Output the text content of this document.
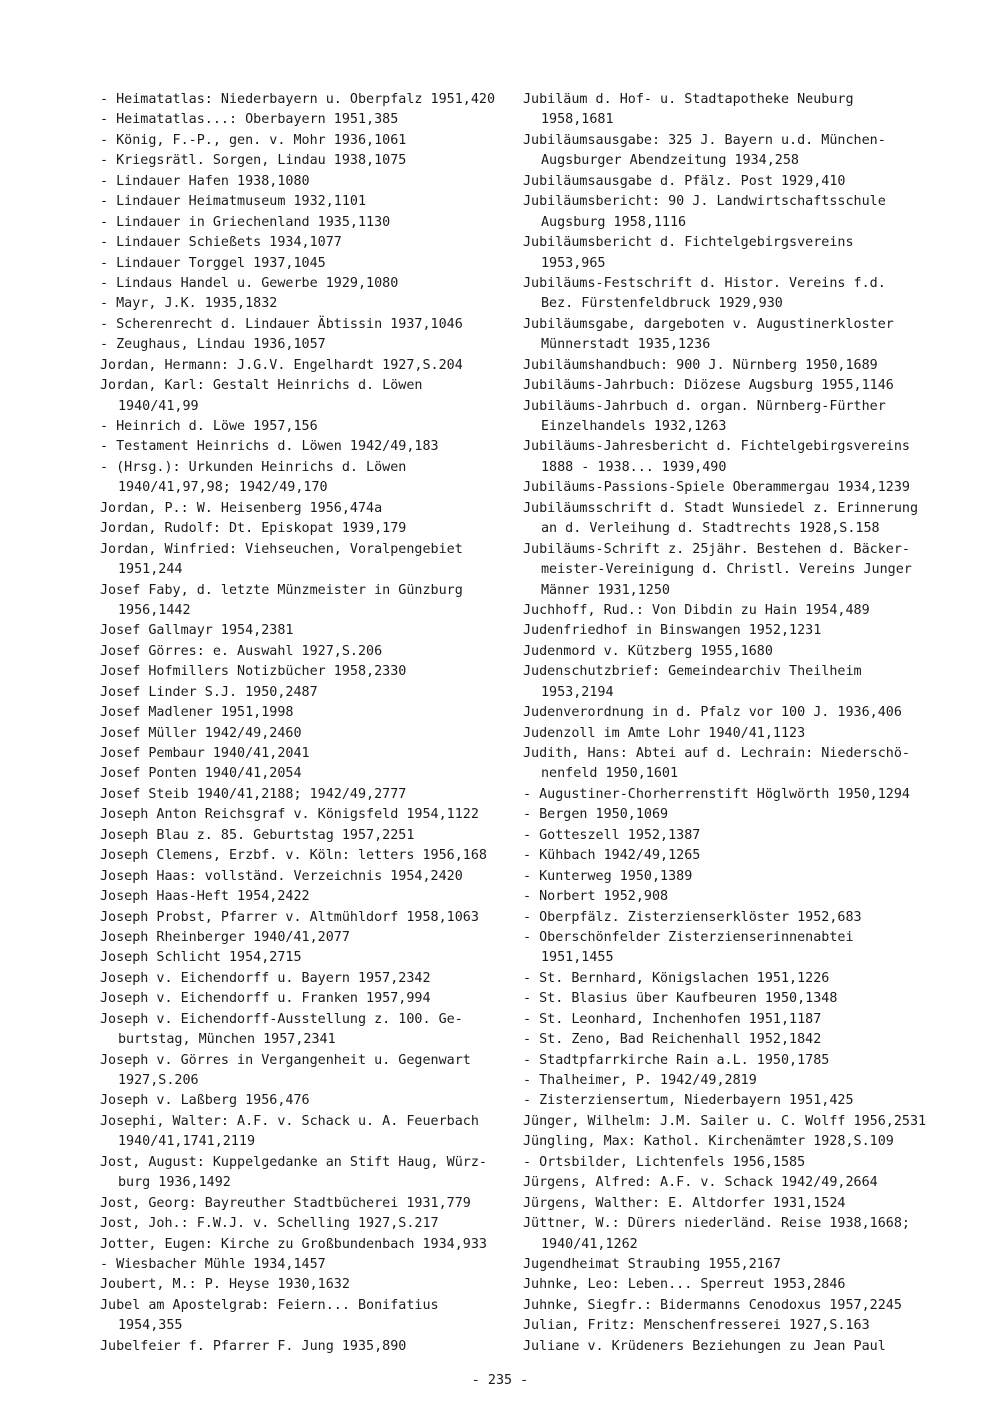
- Heimatatlas: Niederbayern u. Oberpfalz 1951,420
- Heimatatlas...: Oberbayern 1951,385
- König, F.-P., gen. v. Mohr 1936,1061
- Kriegsrätl. Sorgen, Lindau 1938,1075
- Lindauer Hafen 1938,1080
- Lindauer Heimatmuseum 1932,1101
- Lindauer in Griechenland 1935,1130
- Lindauer Schießets 1934,1077
- Lindauer Torggel 1937,1045
- Lindaus Handel u. Gewerbe 1929,1080
- Mayr, J.K. 1935,1832
- Scherenrecht d. Lindauer Äbtissin 1937,1046
- Zeughaus, Lindau 1936,1057
Jordan, Hermann: J.G.V. Engelhardt 1927,S.204
Jordan, Karl: Gestalt Heinrichs d. Löwen
1940/41,99
- Heinrich d. Löwe 1957,156
- Testament Heinrichs d. Löwen 1942/49,183
- (Hrsg.): Urkunden Heinrichs d. Löwen
1940/41,97,98; 1942/49,170
Jordan, P.: W. Heisenberg 1956,474a
Jordan, Rudolf: Dt. Episkopat 1939,179
Jordan, Winfried: Viehseuchen, Voralpengebiet
1951,244
Josef Faby, d. letzte Münzmeister in Günzburg
1956,1442
Josef Gallmayr 1954,2381
Josef Görres: e. Auswahl 1927,S.206
Josef Hofmillers Notizbücher 1958,2330
Josef Linder S.J. 1950,2487
Josef Madlener 1951,1998
Josef Müller 1942/49,2460
Josef Pembaur 1940/41,2041
Josef Ponten 1940/41,2054
Josef Steib 1940/41,2188; 1942/49,2777
Joseph Anton Reichsgraf v. Königsfeld 1954,1122
Joseph Blau z. 85. Geburtstag 1957,2251
Joseph Clemens, Erzbf. v. Köln: letters 1956,168
Joseph Haas: vollständ. Verzeichnis 1954,2420
Joseph Haas-Heft 1954,2422
Joseph Probst, Pfarrer v. Altmühldorf 1958,1063
Joseph Rheinberger 1940/41,2077
Joseph Schlicht 1954,2715
Joseph v. Eichendorff u. Bayern 1957,2342
Joseph v. Eichendorff u. Franken 1957,994
Joseph v. Eichendorff-Ausstellung z. 100. Ge-
burtstag, München 1957,2341
Joseph v. Görres in Vergangenheit u. Gegenwart
1927,S.206
Joseph v. Laßberg 1956,476
Josephi, Walter: A.F. v. Schack u. A. Feuerbach
1940/41,1741,2119
Jost, August: Kuppelgedanke an Stift Haug, Würz-
burg 1936,1492
Jost, Georg: Bayreuther Stadtbücherei 1931,779
Jost, Joh.: F.W.J. v. Schelling 1927,S.217
Jotter, Eugen: Kirche zu Großbundenbach 1934,933
- Wiesbacher Mühle 1934,1457
Joubert, M.: P. Heyse 1930,1632
Jubel am Apostelgrab: Feiern... Bonifatius
1954,355
Jubelfeier f. Pfarrer F. Jung 1935,890
Jubiläum d. Hof- u. Stadtapotheke Neuburg
1958,1681
Jubiläumsausgabe: 325 J. Bayern u.d. München-
Augsburger Abendzeitung 1934,258
Jubiläumsausgabe d. Pfälz. Post 1929,410
Jubiläumsbericht: 90 J. Landwirtschaftsschule
Augsburg 1958,1116
Jubiläumsbericht d. Fichtelgebirgsvereins
1953,965
Jubiläums-Festschrift d. Histor. Vereins f.d.
Bez. Fürstenfeldbruck 1929,930
Jubiläumsgabe, dargeboten v. Augustinerkloster
Münnerstadt 1935,1236
Jubiläumshandbuch: 900 J. Nürnberg 1950,1689
Jubiläums-Jahrbuch: Diözese Augsburg 1955,1146
Jubiläums-Jahrbuch d. organ. Nürnberg-Fürther
Einzelhandels 1932,1263
Jubiläums-Jahresbericht d. Fichtelgebirgsvereins
1888 - 1938... 1939,490
Jubiläums-Passions-Spiele Oberammergau 1934,1239
Jubiläumsschrift d. Stadt Wunsiedel z. Erinnerung
an d. Verleihung d. Stadtrechts 1928,S.158
Jubiläums-Schrift z. 25jähr. Bestehen d. Bäcker-
meister-Vereinigung d. Christl. Vereins Junger
Männer 1931,1250
Juchhoff, Rud.: Von Dibdin zu Hain 1954,489
Judenfriedhof in Binswangen 1952,1231
Judenmord v. Kützberg 1955,1680
Judenschutzbrief: Gemeindearchiv Theilheim
1953,2194
Judenverordnung in d. Pfalz vor 100 J. 1936,406
Judenzoll im Amte Lohr 1940/41,1123
Judith, Hans: Abtei auf d. Lechrain: Niederschö-
nenfeld 1950,1601
- Augustiner-Chorherrenstift Höglwörth 1950,1294
- Bergen 1950,1069
- Gotteszell 1952,1387
- Kühbach 1942/49,1265
- Kunterweg 1950,1389
- Norbert 1952,908
- Oberpfälz. Zisterzienserklöster 1952,683
- Oberschönfelder Zisterzienserinnenabtei
1951,1455
- St. Bernhard, Königslachen 1951,1226
- St. Blasius über Kaufbeuren 1950,1348
- St. Leonhard, Inchenhofen 1951,1187
- St. Zeno, Bad Reichenhall 1952,1842
- Stadtpfarrkirche Rain a.L. 1950,1785
- Thalheimer, P. 1942/49,2819
- Zisterziensertum, Niederbayern 1951,425
Jünger, Wilhelm: J.M. Sailer u. C. Wolff 1956,2531
Jüngling, Max: Kathol. Kirchenämter 1928,S.109
- Ortsbilder, Lichtenfels 1956,1585
Jürgens, Alfred: A.F. v. Schack 1942/49,2664
Jürgens, Walther: E. Altdorfer 1931,1524
Jüttner, W.: Dürers niederländ. Reise 1938,1668;
1940/41,1262
Jugendheimat Straubing 1955,2167
Juhnke, Leo: Leben... Sperreut 1953,2846
Juhnke, Siegfr.: Bidermanns Cenodoxus 1957,2245
Julian, Fritz: Menschenfresserei 1927,S.163
Juliane v. Krüdeners Beziehungen zu Jean Paul
- 235 -
